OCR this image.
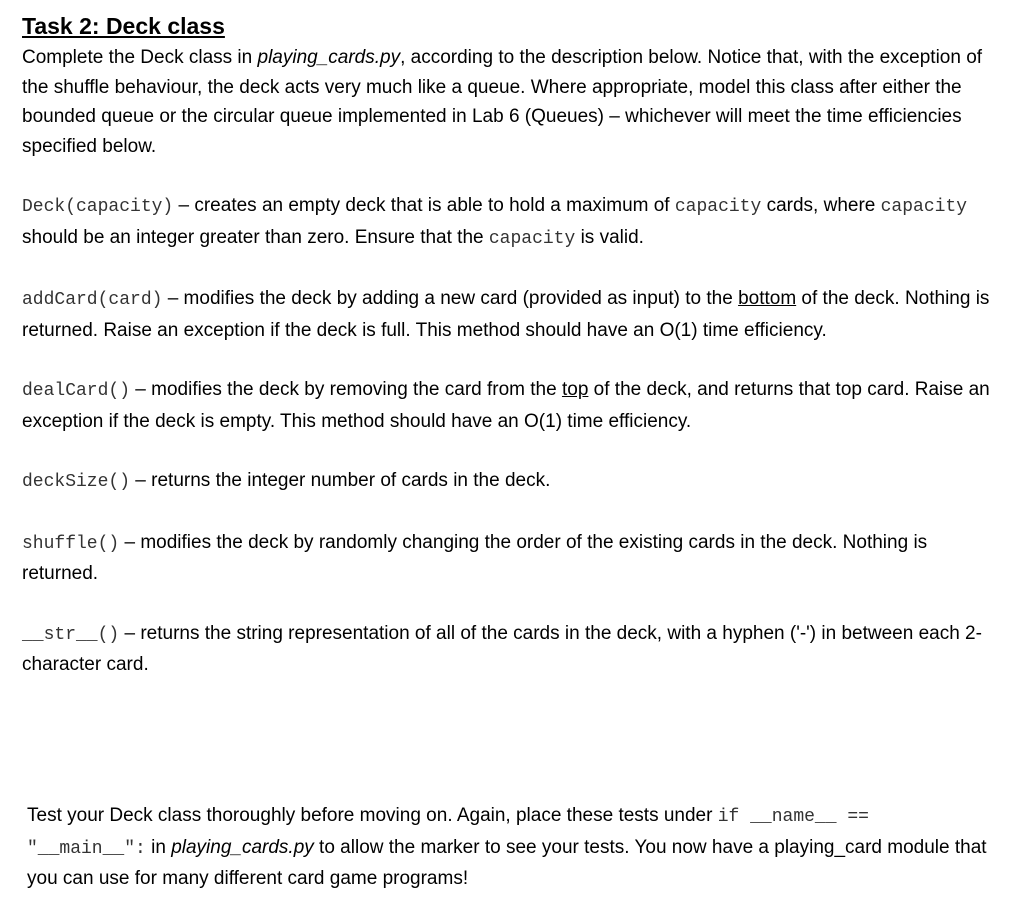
Task 2: Deck class

Complete the Deck class in playing_cards.py, according to the description below. Notice that, with the exception of the shuffle behaviour, the deck acts very much like a queue. Where appropriate, model this class after either the bounded queue or the circular queue implemented in Lab 6 (Queues) – whichever will meet the time efficiencies specified below.

Deck(capacity) – creates an empty deck that is able to hold a maximum of capacity cards, where capacity should be an integer greater than zero. Ensure that the capacity is valid.

addCard(card) – modifies the deck by adding a new card (provided as input) to the bottom of the deck. Nothing is returned. Raise an exception if the deck is full. This method should have an O(1) time efficiency.

dealCard() – modifies the deck by removing the card from the top of the deck, and returns that top card. Raise an exception if the deck is empty. This method should have an O(1) time efficiency.

deckSize() – returns the integer number of cards in the deck.

shuffle() – modifies the deck by randomly changing the order of the existing cards in the deck. Nothing is returned.

__str__() – returns the string representation of all of the cards in the deck, with a hyphen ('-') in between each 2-character card.

Test your Deck class thoroughly before moving on. Again, place these tests under if __name__ == "__main__": in playing_cards.py to allow the marker to see your tests. You now have a playing_card module that you can use for many different card game programs!
